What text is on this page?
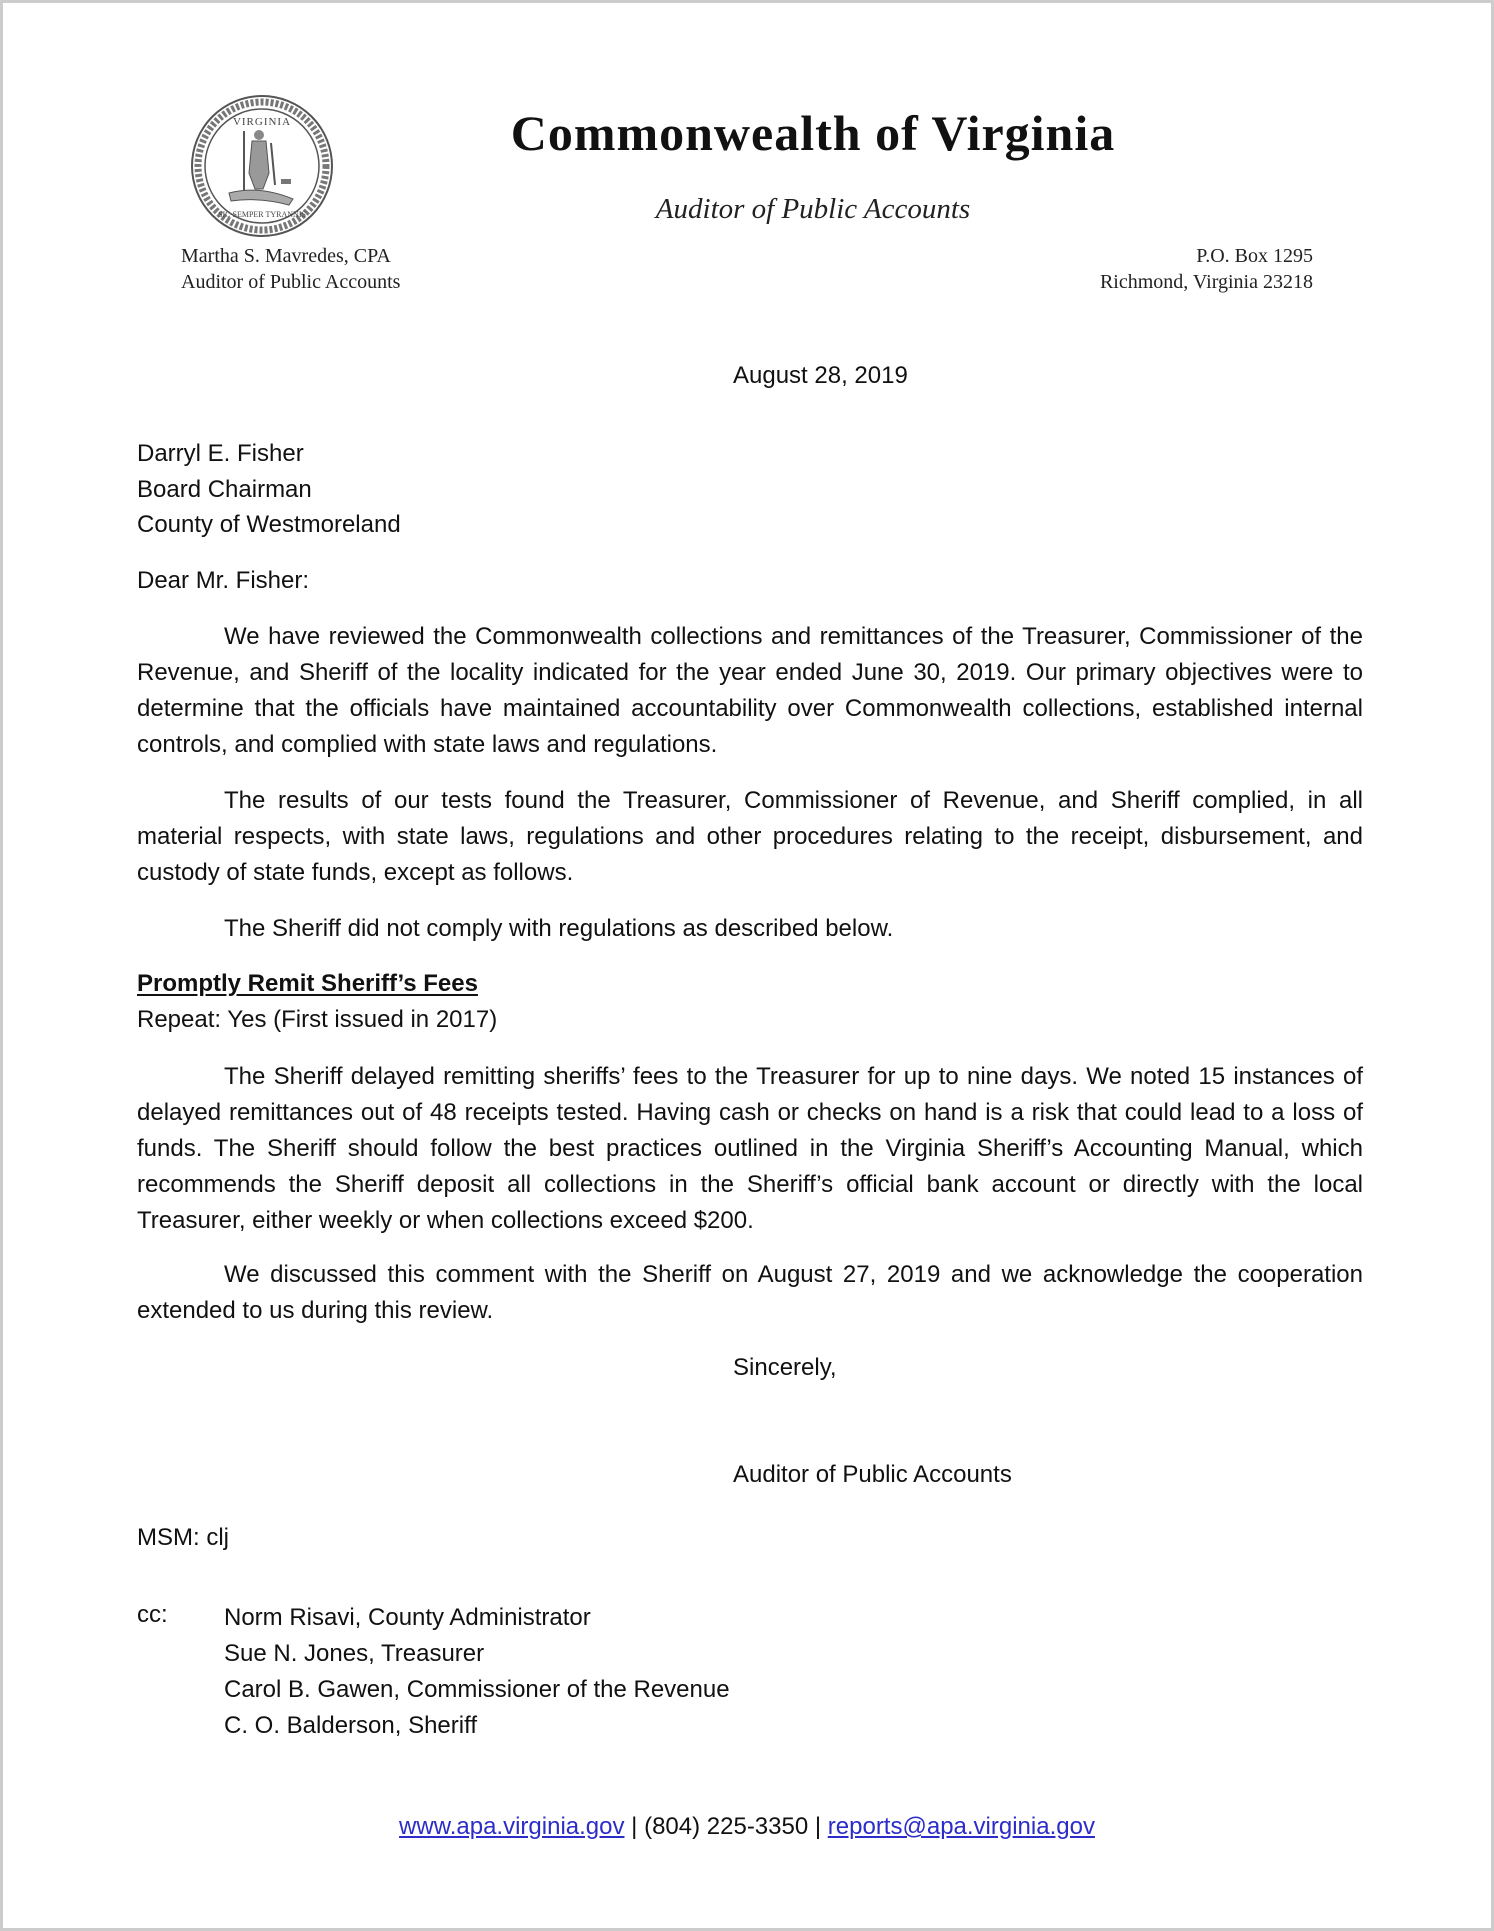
VIRGINIA
SIC SEMPER TYRANNIS
Commonwealth of Virginia
Auditor of Public Accounts
Martha S. Mavredes, CPA
Auditor of Public Accounts
P.O. Box 1295
Richmond, Virginia 23218
August 28, 2019
Darryl E. Fisher
Board Chairman
County of Westmoreland
Dear Mr. Fisher:

We have reviewed the Commonwealth collections and remittances of the Treasurer, Commissioner of the Revenue, and Sheriff of the locality indicated for the year ended June 30, 2019. Our primary objectives were to determine that the officials have maintained accountability over Commonwealth collections, established internal controls, and complied with state laws and regulations.

The results of our tests found the Treasurer, Commissioner of Revenue, and Sheriff complied, in all material respects, with state laws, regulations and other procedures relating to the receipt, disbursement, and custody of state funds, except as follows.

The Sheriff did not comply with regulations as described below.

Promptly Remit Sheriff’s Fees
Repeat: Yes (First issued in 2017)

The Sheriff delayed remitting sheriffs’ fees to the Treasurer for up to nine days. We noted 15 instances of delayed remittances out of 48 receipts tested. Having cash or checks on hand is a risk that could lead to a loss of funds. The Sheriff should follow the best practices outlined in the Virginia Sheriff’s Accounting Manual, which recommends the Sheriff deposit all collections in the Sheriff’s official bank account or directly with the local Treasurer, either weekly or when collections exceed $200.

We discussed this comment with the Sheriff on August 27, 2019 and we acknowledge the cooperation extended to us during this review.

Sincerely,
Auditor of Public Accounts
MSM: clj
cc: Norm Risavi, County Administrator
Sue N. Jones, Treasurer
Carol B. Gawen, Commissioner of the Revenue
C. O. Balderson, Sheriff
www.apa.virginia.gov | (804) 225-3350 | reports@apa.virginia.gov
